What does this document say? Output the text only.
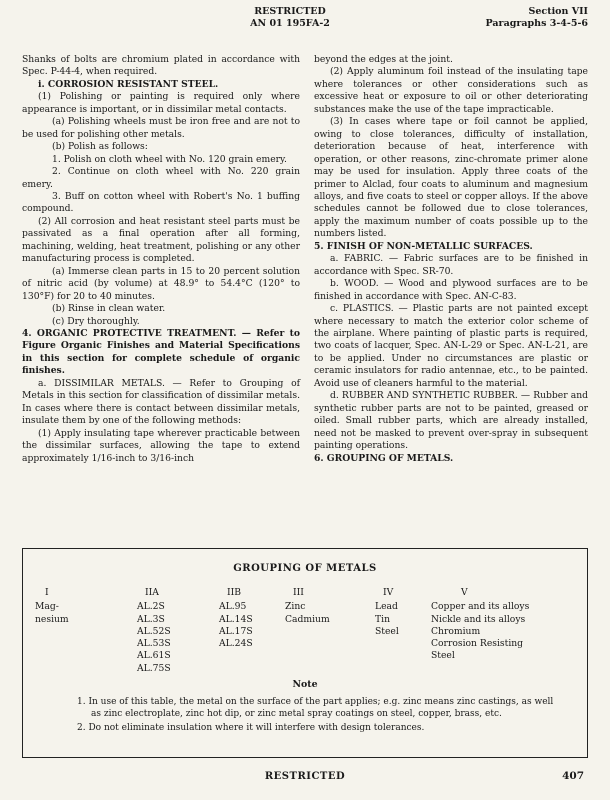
RESTRICTED
AN 01 195FA-2
Section VII
Paragraphs 3-4-5-6

Shanks of bolts are chromium plated in accordance with Spec. P-44-4, when required.

i. CORROSION RESISTANT STEEL.

(1) Polishing or painting is required only where appearance is important, or in dissimilar metal contacts.

(a) Polishing wheels must be iron free and are not to be used for polishing other metals.

(b) Polish as follows:

1. Polish on cloth wheel with No. 120 grain emery.

2. Continue on cloth wheel with No. 220 grain emery.

3. Buff on cotton wheel with Robert's No. 1 buffing compound.

(2) All corrosion and heat resistant steel parts must be passivated as a final operation after all forming, machining, welding, heat treatment, polishing or any other manufacturing process is completed.

(a) Immerse clean parts in 15 to 20 percent solution of nitric acid (by volume) at 48.9° to 54.4°C (120° to 130°F) for 20 to 40 minutes.

(b) Rinse in clean water.

(c) Dry thoroughly.

4. ORGANIC PROTECTIVE TREATMENT. — Refer to Figure Organic Finishes and Material Specifications in this section for complete schedule of organic finishes.

a. DISSIMILAR METALS. — Refer to Grouping of Metals in this section for classification of dissimilar metals. In cases where there is contact between dissimilar metals, insulate them by one of the following methods:

(1) Apply insulating tape wherever practicable between the dissimilar surfaces, allowing the tape to extend approximately 1/16-inch to 3/16-inch

beyond the edges at the joint.

(2) Apply aluminum foil instead of the insulating tape where tolerances or other considerations such as excessive heat or exposure to oil or other deteriorating substances make the use of the tape impracticable.

(3) In cases where tape or foil cannot be applied, owing to close tolerances, difficulty of installation, deterioration because of heat, interference with operation, or other reasons, zinc-chromate primer alone may be used for insulation. Apply three coats of the primer to Alclad, four coats to aluminum and magnesium alloys, and five coats to steel or copper alloys. If the above schedules cannot be followed due to close tolerances, apply the maximum number of coats possible up to the numbers listed.

5. FINISH OF NON-METALLIC SURFACES.

a. FABRIC. — Fabric surfaces are to be finished in accordance with Spec. SR-70.

b. WOOD. — Wood and plywood surfaces are to be finished in accordance with Spec. AN-C-83.

c. PLASTICS. — Plastic parts are not painted except where necessary to match the exterior color scheme of the airplane. Where painting of plastic parts is required, two coats of lacquer, Spec. AN-L-29 or Spec. AN-L-21, are to be applied. Under no circumstances are plastic or ceramic insulators for radio antennae, etc., to be painted. Avoid use of cleaners harmful to the material.

d. RUBBER AND SYNTHETIC RUBBER. — Rubber and synthetic rubber parts are not to be painted, greased or oiled. Small rubber parts, which are already installed, need not be masked to prevent over-spray in subsequent painting operations.

6. GROUPING OF METALS.

GROUPING OF METALS
I
Mag-
nesium
IIA
AL.2S
AL.3S
AL.52S
AL.53S
AL.61S
AL.75S
IIB
AL.95
AL.14S
AL.17S
AL.24S
III
Zinc
Cadmium
IV
Lead
Tin
Steel
V
Copper and its alloys
Nickle and its alloys
Chromium
Corrosion Resisting
Steel
Note

1. In use of this table, the metal on the surface of the part applies; e.g. zinc means zinc castings, as well as zinc electroplate, zinc hot dip, or zinc metal spray coatings on steel, copper, brass, etc.

2. Do not eliminate insulation where it will interfere with design tolerances.

RESTRICTED	407
